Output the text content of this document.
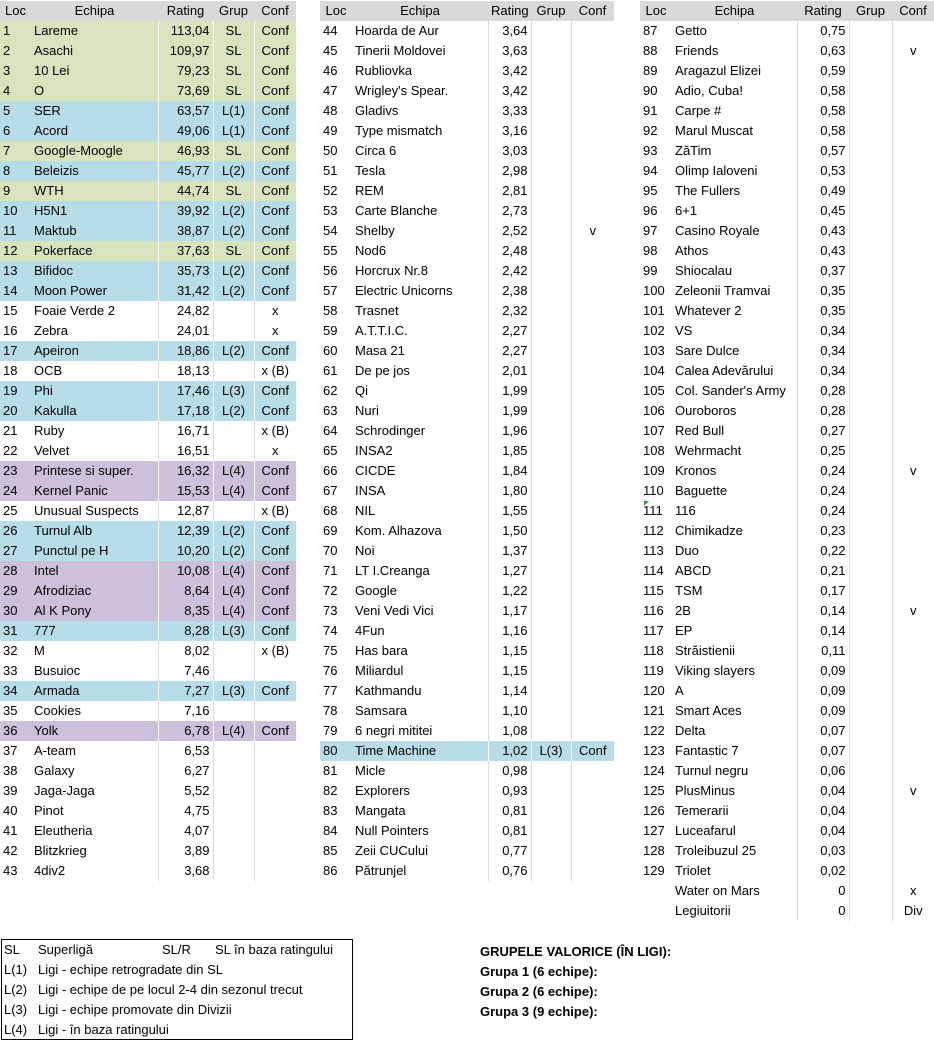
Loc	Echipa	Rating	Grup	Conf
1	Lareme	113,04	SL	Conf
2	Asachi	109,97	SL	Conf
3	10 Lei	79,23	SL	Conf
4	O	73,69	SL	Conf
5	SER	63,57	L(1)	Conf
6	Acord	49,06	L(1)	Conf
7	Google-Moogle	46,93	SL	Conf
8	Beleizis	45,77	L(2)	Conf
9	WTH	44,74	SL	Conf
10	H5N1	39,92	L(2)	Conf
11	Maktub	38,87	L(2)	Conf
12	Pokerface	37,63	SL	Conf
13	Bifidoc	35,73	L(2)	Conf
14	Moon Power	31,42	L(2)	Conf
15	Foaie Verde 2	24,82		x
16	Zebra	24,01		x
17	Apeiron	18,86	L(2)	Conf
18	OCB	18,13		x (B)
19	Phi	17,46	L(3)	Conf
20	Kakulla	17,18	L(2)	Conf
21	Ruby	16,71		x (B)
22	Velvet	16,51		x
23	Printese si super.	16,32	L(4)	Conf
24	Kernel Panic	15,53	L(4)	Conf
25	Unusual Suspects	12,87		x (B)
26	Turnul Alb	12,39	L(2)	Conf
27	Punctul pe H	10,20	L(2)	Conf
28	Intel	10,08	L(4)	Conf
29	Afrodiziac	8,64	L(4)	Conf
30	Al K Pony	8,35	L(4)	Conf
31	777	8,28	L(3)	Conf
32	M	8,02		x (B)
33	Busuioc	7,46		
34	Armada	7,27	L(3)	Conf
35	Cookies	7,16		
36	Yolk	6,78	L(4)	Conf
37	A-team	6,53		
38	Galaxy	6,27		
39	Jaga-Jaga	5,52		
40	Pinot	4,75		
41	Eleutheria	4,07		
42	Blitzkrieg	3,89		
43	4div2	3,68		
Loc	Echipa	Rating	Grup	Conf
44	Hoarda de Aur	3,64		
45	Tinerii Moldovei	3,63		
46	Rubliovka	3,42		
47	Wrigley's Spear.	3,42		
48	Gladivs	3,33		
49	Type mismatch	3,16		
50	Circa 6	3,03		
51	Tesla	2,98		
52	REM	2,81		
53	Carte Blanche	2,73		
54	Shelby	2,52		v
55	Nod6	2,48		
56	Horcrux Nr.8	2,42		
57	Electric Unicorns	2,38		
58	Trasnet	2,32		
59	A.T.T.I.C.	2,27		
60	Masa 21	2,27		
61	De pe jos	2,01		
62	Qi	1,99		
63	Nuri	1,99		
64	Schrodinger	1,96		
65	INSA2	1,85		
66	CICDE	1,84		
67	INSA	1,80		
68	NIL	1,55		
69	Kom. Alhazova	1,50		
70	Noi	1,37		
71	LT I.Creanga	1,27		
72	Google	1,22		
73	Veni Vedi Vici	1,17		
74	4Fun	1,16		
75	Has bara	1,15		
76	Miliardul	1,15		
77	Kathmandu	1,14		
78	Samsara	1,10		
79	6 negri mititei	1,08		
80	Time Machine	1,02	L(3)	Conf
81	Micle	0,98		
82	Explorers	0,93		
83	Mangata	0,81		
84	Null Pointers	0,81		
85	Zeii CUCului	0,77		
86	Pătrunjel	0,76		
Loc	Echipa	Rating	Grup	Conf
87	Getto	0,75		
88	Friends	0,63		v
89	Aragazul Elizei	0,59		
90	Adio, Cuba!	0,58		
91	Carpe #	0,58		
92	Marul Muscat	0,58		
93	ZăTim	0,57		
94	Olimp Ialoveni	0,53		
95	The Fullers	0,49		
96	6+1	0,45		
97	Casino Royale	0,43		
98	Athos	0,43		
99	Shiocalau	0,37		
100	Zeleonii Tramvai	0,35		
101	Whatever 2	0,35		
102	VS	0,34		
103	Sare Dulce	0,34		
104	Calea Adevărului	0,34		
105	Col. Sander's Army	0,28		
106	Ouroboros	0,28		
107	Red Bull	0,27		
108	Wehrmacht	0,25		
109	Kronos	0,24		v
110	Baguette	0,24		
111	116	0,24		
112	Chimikadze	0,23		
113	Duo	0,22		
114	ABCD	0,21		
115	TSM	0,17		
116	2B	0,14		v
117	EP	0,14		
118	Străistienii	0,11		
119	Viking slayers	0,09		
120	A	0,09		
121	Smart Aces	0,09		
122	Delta	0,07		
123	Fantastic 7	0,07		
124	Turnul negru	0,06		
125	PlusMinus	0,04		v
126	Temerarii	0,04		
127	Luceafarul	0,04		
128	Troleibuzul 25	0,03		
129	Triolet	0,02		
	Water on Mars	0		x
	Legiuitorii	0		Div
SL Superligă	SL/R SL în baza ratingului
L(1) Ligi - echipe retrogradate din SL
L(2) Ligi - echipe de pe locul 2-4 din sezonul trecut
L(3) Ligi - echipe promovate din Divizii
L(4) Ligi - în baza ratingului
GRUPELE VALORICE (ÎN LIGI):
Grupa 1 (6 echipe):
Grupa 2 (6 echipe):
Grupa 3 (9 echipe):
